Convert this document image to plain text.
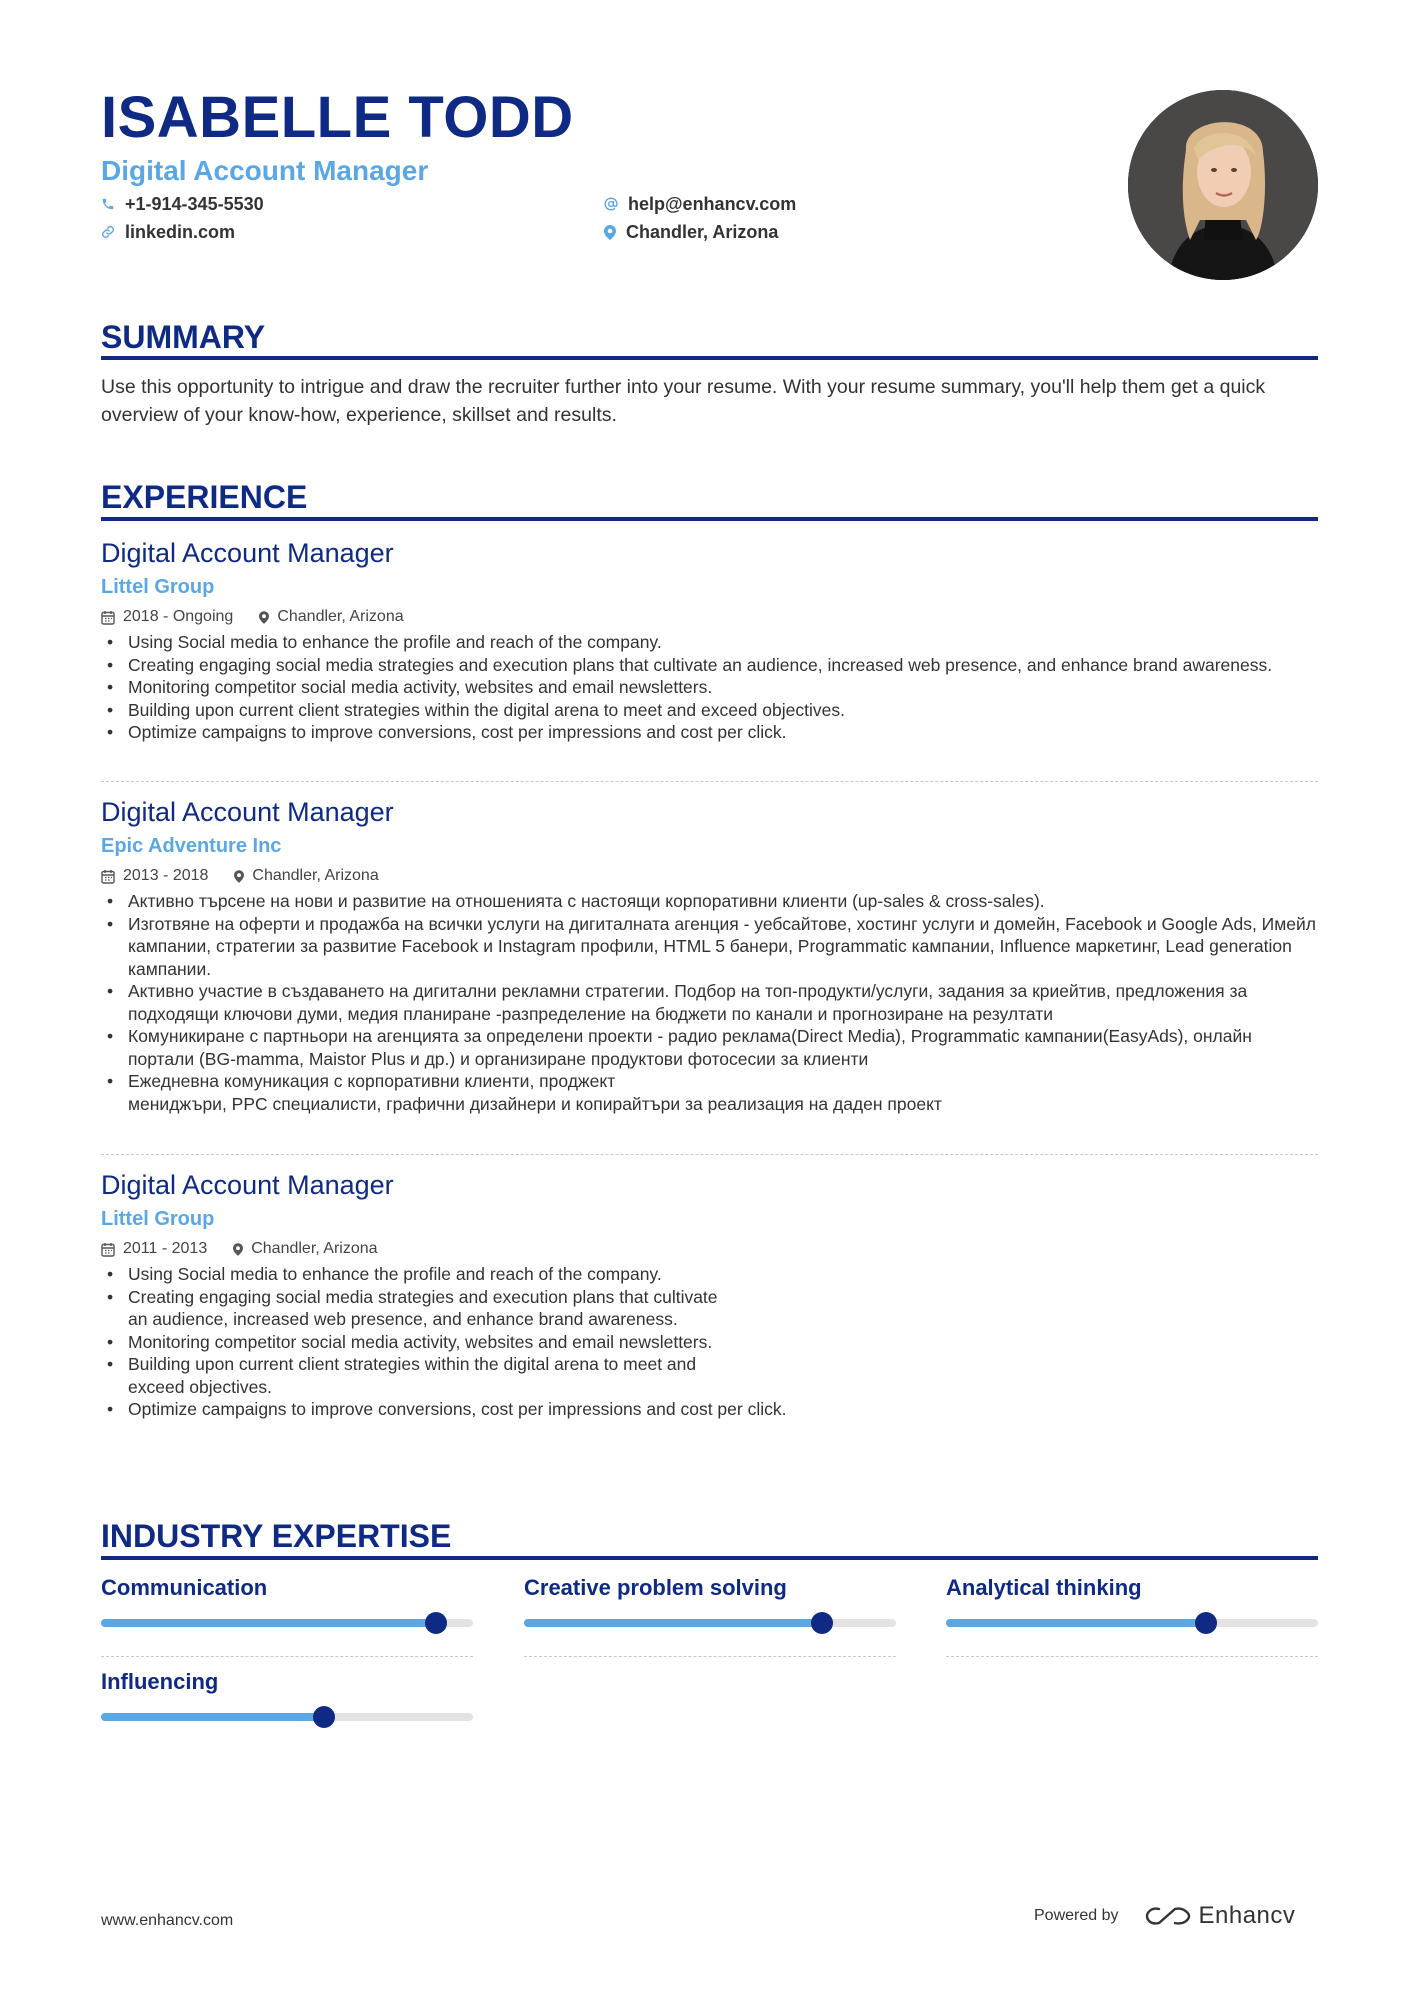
ISABELLE TODD
Digital Account Manager
+1-914-345-5530
linkedin.com
help@enhancv.com
Chandler, Arizona
SUMMARY
Use this opportunity to intrigue and draw the recruiter further into your resume. With your resume summary, you'll help them get a quick overview of your know-how, experience, skillset and results.
EXPERIENCE
Digital Account Manager
Littel Group
2018 - Ongoing	Chandler, Arizona
• Using Social media to enhance the profile and reach of the company.
• Creating engaging social media strategies and execution plans that cultivate an audience, increased web presence, and enhance brand awareness.
• Monitoring competitor social media activity, websites and email newsletters.
• Building upon current client strategies within the digital arena to meet and exceed objectives.
• Optimize campaigns to improve conversions, cost per impressions and cost per click.
Digital Account Manager
Epic Adventure Inc
2013 - 2018	Chandler, Arizona
• Активно търсене на нови и развитие на отношенията с настоящи корпоративни клиенти (up-sales & cross-sales).
• Изготвяне на оферти и продажба на всички услуги на дигиталната агенция - уебсайтове, хостинг услуги и домейн, Facebook и Google Ads, Имейл кампании, стратегии за развитие Facebook и Instagram профили, HTML 5 банери, Programmatic кампании, Influence маркетинг, Lead generation кампании.
• Активно участие в създаването на дигитални рекламни стратегии. Подбор на топ-продукти/услуги, задания за криейтив, предложения за
подходящи ключови думи, медия планиране -разпределение на бюджети по канали и прогнозиране на резултати
• Комуникиране с партньори на агенцията за определени проекти - радио реклама(Direct Media), Programmatic кампании(EasyAds), онлайн портали (BG-mamma, Maistor Plus и др.) и организиране продуктови фотосесии за клиенти
• Ежедневна комуникация с корпоративни клиенти, проджект
мениджъри, PPC специалисти, графични дизайнери и копирайтъри за реализация на даден проект
Digital Account Manager
Littel Group
2011 - 2013	Chandler, Arizona
• Using Social media to enhance the profile and reach of the company.
• Creating engaging social media strategies and execution plans that cultivate an audience, increased web presence, and enhance brand awareness.
• Monitoring competitor social media activity, websites and email newsletters.
• Building upon current client strategies within the digital arena to meet and exceed objectives.
• Optimize campaigns to improve conversions, cost per impressions and cost per click.
INDUSTRY EXPERTISE
Communication	Creative problem solving	Analytical thinking
Influencing
www.enhancv.com	Powered by	Enhancv
